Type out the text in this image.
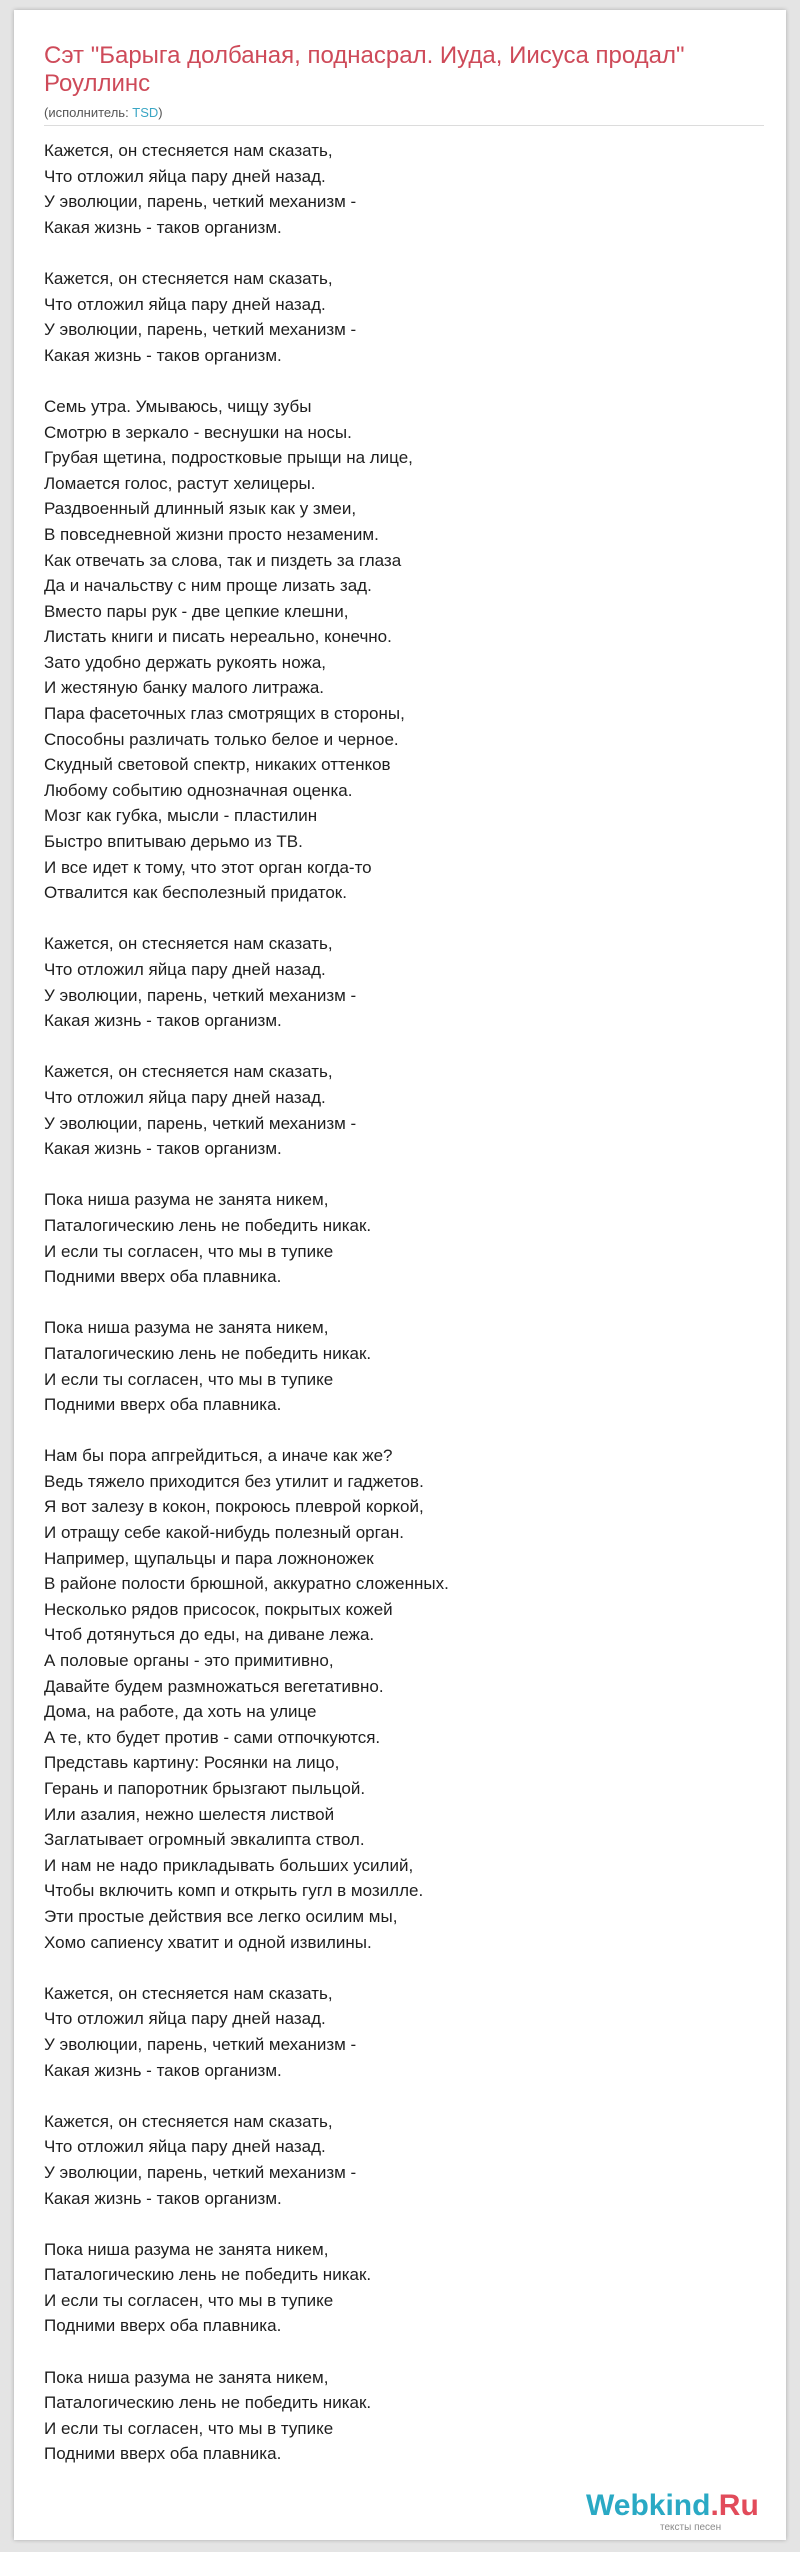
Сэт "Барыга долбаная, поднасрал. Иуда, Иисуса продал" Роуллинс
(исполнитель: TSD)
Кажется, он стесняется нам сказать,
Что отложил яйца пару дней назад.
У эволюции, парень, четкий механизм -
Какая жизнь - таков организм.
Кажется, он стесняется нам сказать,
Что отложил яйца пару дней назад.
У эволюции, парень, четкий механизм -
Какая жизнь - таков организм.
Семь утра. Умываюсь, чищу зубы
Смотрю в зеркало - веснушки на носы.
Грубая щетина, подростковые прыщи на лице,
Ломается голос, растут хелицеры.
Раздвоенный длинный язык как у змеи,
В повседневной жизни просто незаменим.
Как отвечать за слова, так и пиздеть за глаза
Да и начальству с ним проще лизать зад.
Вместо пары рук - две цепкие клешни,
Листать книги и писать нереально, конечно.
Зато удобно держать рукоять ножа,
И жестяную банку малого литража.
Пара фасеточных глаз смотрящих в стороны,
Способны различать только белое и черное.
Скудный световой спектр, никаких оттенков
Любому событию однозначная оценка.
Мозг как губка, мысли - пластилин
Быстро впитываю дерьмо из ТВ.
И все идет к тому, что этот орган когда-то
Отвалится как бесполезный придаток.
Кажется, он стесняется нам сказать,
Что отложил яйца пару дней назад.
У эволюции, парень, четкий механизм -
Какая жизнь - таков организм.
Кажется, он стесняется нам сказать,
Что отложил яйца пару дней назад.
У эволюции, парень, четкий механизм -
Какая жизнь - таков организм.
Пока ниша разума не занята никем,
Паталогическию лень не победить никак.
И если ты согласен, что мы в тупике
Подними вверх оба плавника.
Пока ниша разума не занята никем,
Паталогическию лень не победить никак.
И если ты согласен, что мы в тупике
Подними вверх оба плавника.
Нам бы пора апгрейдиться, а иначе как же?
Ведь тяжело приходится без утилит и гаджетов.
Я вот залезу в кокон, покроюсь плеврой коркой,
И отращу себе какой-нибудь полезный орган.
Например, щупальцы и пара ложноножек
В районе полости брюшной, аккуратно сложенных.
Несколько рядов присосок, покрытых кожей
Чтоб дотянуться до еды, на диване лежа.
А половые органы - это примитивно,
Давайте будем размножаться вегетативно.
Дома, на работе, да хоть на улице
А те, кто будет против - сами отпочкуются.
Представь картину: Росянки на лицо,
Герань и папоротник брызгают пыльцой.
Или азалия, нежно шелестя листвой
Заглатывает огромный эвкалипта ствол.
И нам не надо прикладывать больших усилий,
Чтобы включить комп и открыть гугл в мозилле.
Эти простые действия все легко осилим мы,
Хомо сапиенсу хватит и одной извилины.
Кажется, он стесняется нам сказать,
Что отложил яйца пару дней назад.
У эволюции, парень, четкий механизм -
Какая жизнь - таков организм.
Кажется, он стесняется нам сказать,
Что отложил яйца пару дней назад.
У эволюции, парень, четкий механизм -
Какая жизнь - таков организм.
Пока ниша разума не занята никем,
Паталогическию лень не победить никак.
И если ты согласен, что мы в тупике
Подними вверх оба плавника.
Пока ниша разума не занята никем,
Паталогическию лень не победить никак.
И если ты согласен, что мы в тупике
Подними вверх оба плавника.
Webkind.Ru
тексты песен
